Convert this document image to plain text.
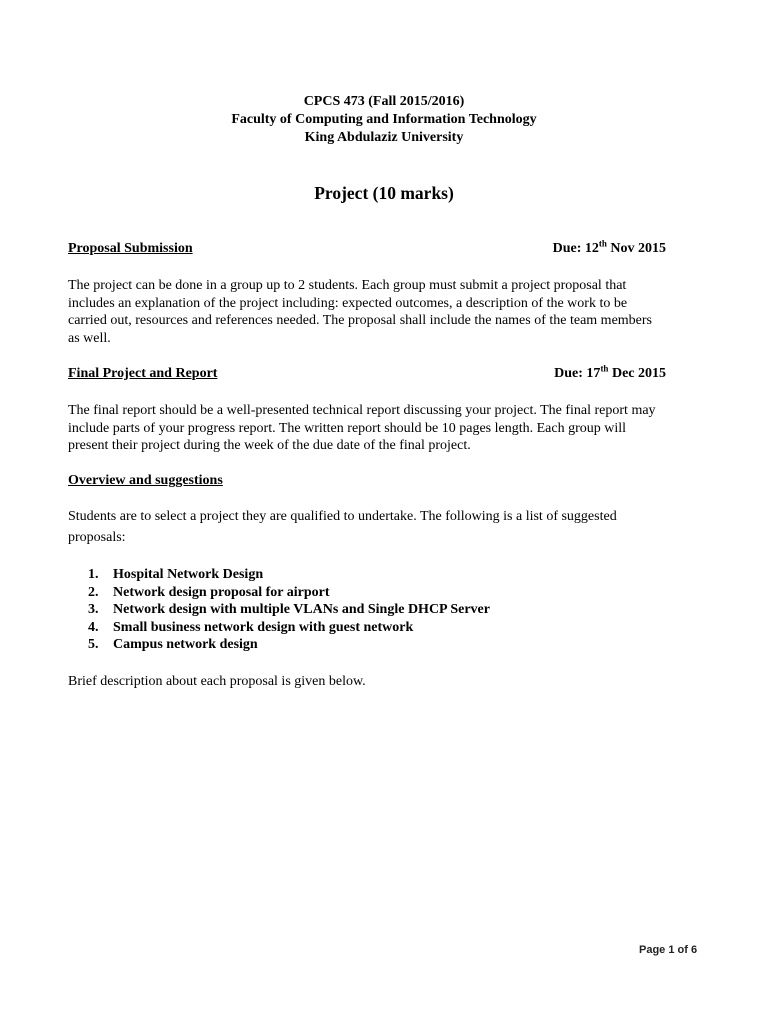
CPCS 473 (Fall 2015/2016)
Faculty of Computing and Information Technology
King Abdulaziz University
Project (10 marks)
Proposal Submission	Due: 12th Nov 2015
The project can be done in a group up to 2 students. Each group must submit a project proposal that
includes an explanation of the project including: expected outcomes, a description of the work to be
carried out, resources and references needed. The proposal shall include the names of the team members
as well.
Final Project and Report	Due: 17th Dec 2015
The final report should be a well-presented technical report discussing your project. The final report may
include parts of your progress report. The written report should be 10 pages length. Each group will
present their project during the week of the due date of the final project.
Overview and suggestions
Students are to select a project they are qualified to undertake. The following is a list of suggested
proposals:
1. Hospital Network Design
2. Network design proposal for airport
3. Network design with multiple VLANs and Single DHCP Server
4. Small business network design with guest network
5. Campus network design
Brief description about each proposal is given below.
Page 1 of 6
